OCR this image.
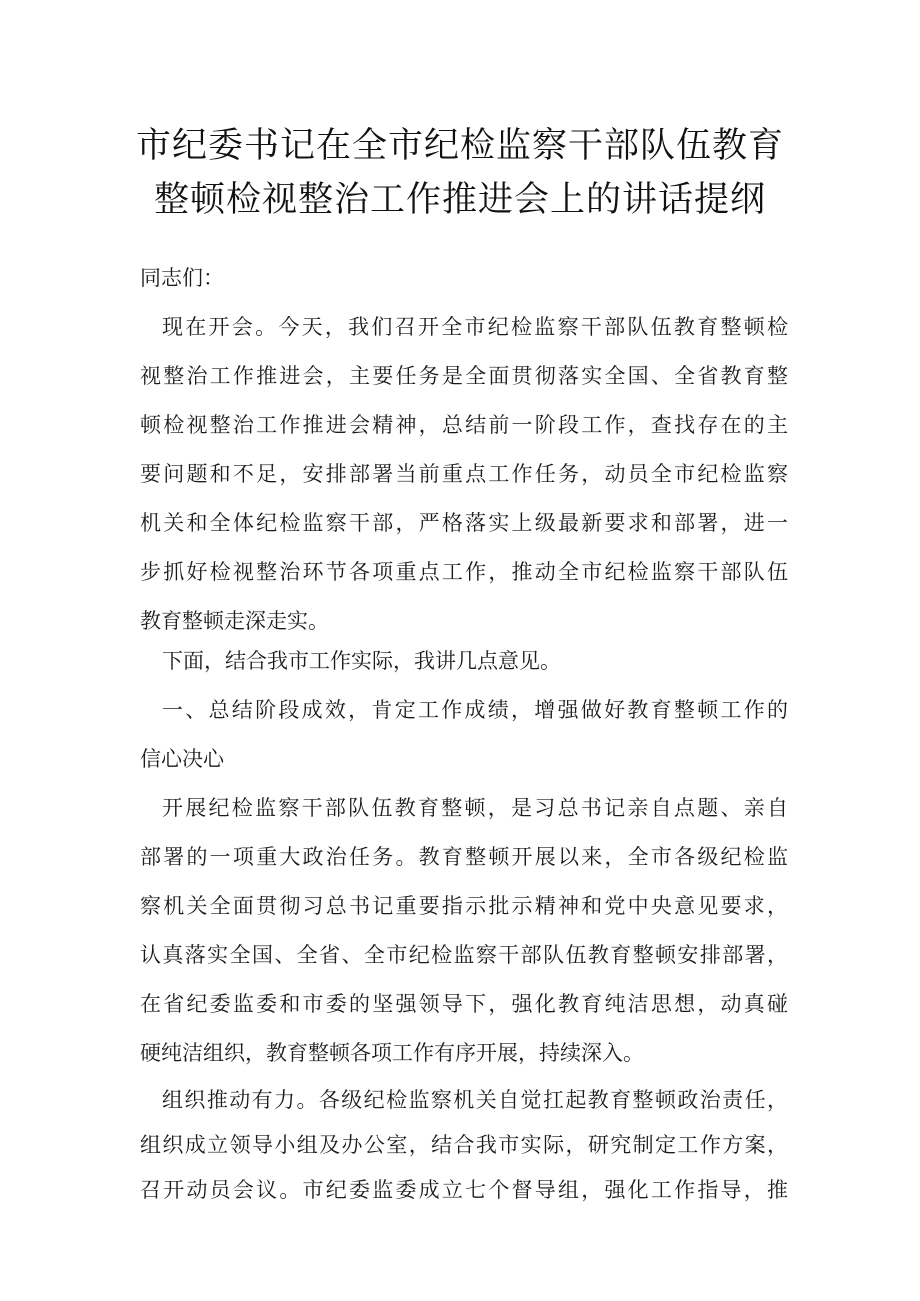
市纪委书记在全市纪检监察干部队伍教育
整顿检视整治工作推进会上的讲话提纲

同志们：

现在开会。今天，我们召开全市纪检监察干部队伍教育整顿检
视整治工作推进会，主要任务是全面贯彻落实全国、全省教育整
顿检视整治工作推进会精神，总结前一阶段工作，查找存在的主
要问题和不足，安排部署当前重点工作任务，动员全市纪检监察
机关和全体纪检监察干部，严格落实上级最新要求和部署，进一
步抓好检视整治环节各项重点工作，推动全市纪检监察干部队伍
教育整顿走深走实。
下面，结合我市工作实际，我讲几点意见。
一、总结阶段成效，肯定工作成绩，增强做好教育整顿工作的
信心决心
开展纪检监察干部队伍教育整顿，是习总书记亲自点题、亲自
部署的一项重大政治任务。教育整顿开展以来，全市各级纪检监
察机关全面贯彻习总书记重要指示批示精神和党中央意见要求，
认真落实全国、全省、全市纪检监察干部队伍教育整顿安排部署，
在省纪委监委和市委的坚强领导下，强化教育纯洁思想，动真碰
硬纯洁组织，教育整顿各项工作有序开展，持续深入。
组织推动有力。各级纪检监察机关自觉扛起教育整顿政治责任，
组织成立领导小组及办公室，结合我市实际，研究制定工作方案，
召开动员会议。市纪委监委成立七个督导组，强化工作指导，推
